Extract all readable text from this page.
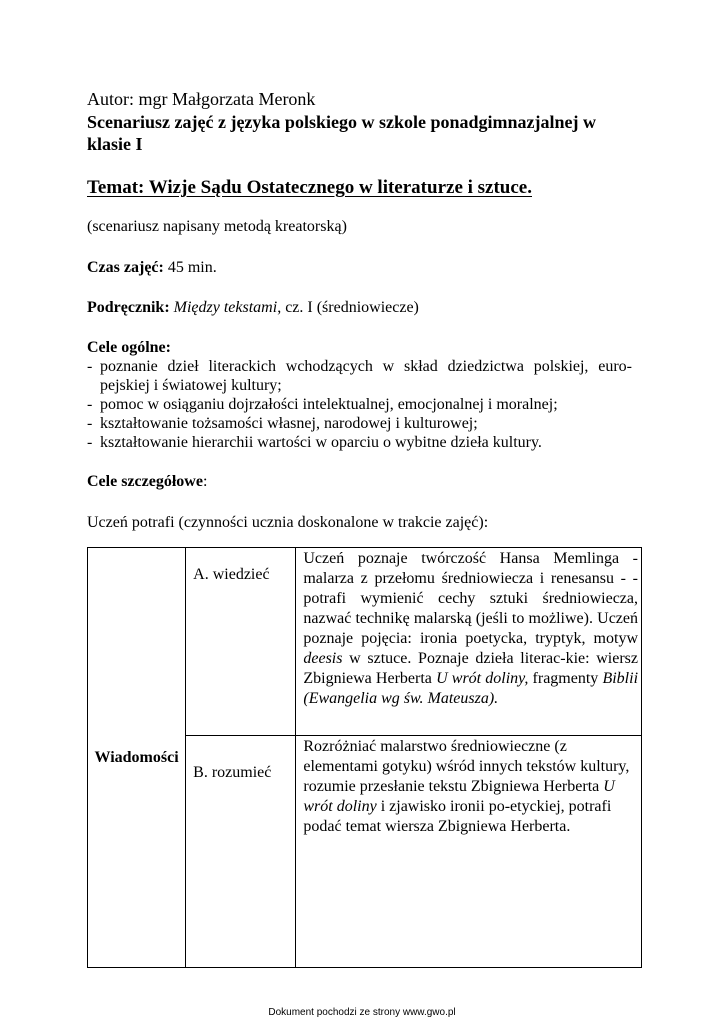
Autor: mgr Małgorzata Meronk
Scenariusz zajęć z języka polskiego w szkole ponadgimnazjalnej w klasie I
Temat: Wizje Sądu Ostatecznego w literaturze i sztuce.
(scenariusz napisany metodą kreatorską)
Czas zajęć: 45 min.
Podręcznik: Między tekstami, cz. I (średniowiecze)
Cele ogólne:
- poznanie dzieł literackich wchodzących w skład dziedzictwa polskiej, euro-pejskiej i światowej kultury;
- pomoc w osiąganiu dojrzałości intelektualnej, emocjonalnej i moralnej;
- kształtowanie tożsamości własnej, narodowej i kulturowej;
- kształtowanie hierarchii wartości w oparciu o wybitne dzieła kultury.
Cele szczegółowe:
Uczeń potrafi (czynności ucznia doskonalone w trakcie zajęć):
Wiadomości	A. wiedzieć	Uczeń poznaje twórczość Hansa Memlinga - malarza z przełomu średniowiecza i renesansu - - potrafi wymienić cechy sztuki średniowiecza, nazwać technikę malarską (jeśli to możliwe). Uczeń poznaje pojęcia: ironia poetycka, tryptyk, motyw deesis w sztuce. Poznaje dzieła literac-kie: wiersz Zbigniewa Herberta U wrót doliny, fragmenty Biblii (Ewangelia wg św. Mateusza).
	B. rozumieć	Rozróżniać malarstwo średniowieczne (z elementami gotyku) wśród innych tekstów kultury, rozumie przesłanie tekstu Zbigniewa Herberta U wrót doliny i zjawisko ironii po-etyckiej, potrafi podać temat wiersza Zbigniewa Herberta.
Dokument pochodzi ze strony www.gwo.pl
